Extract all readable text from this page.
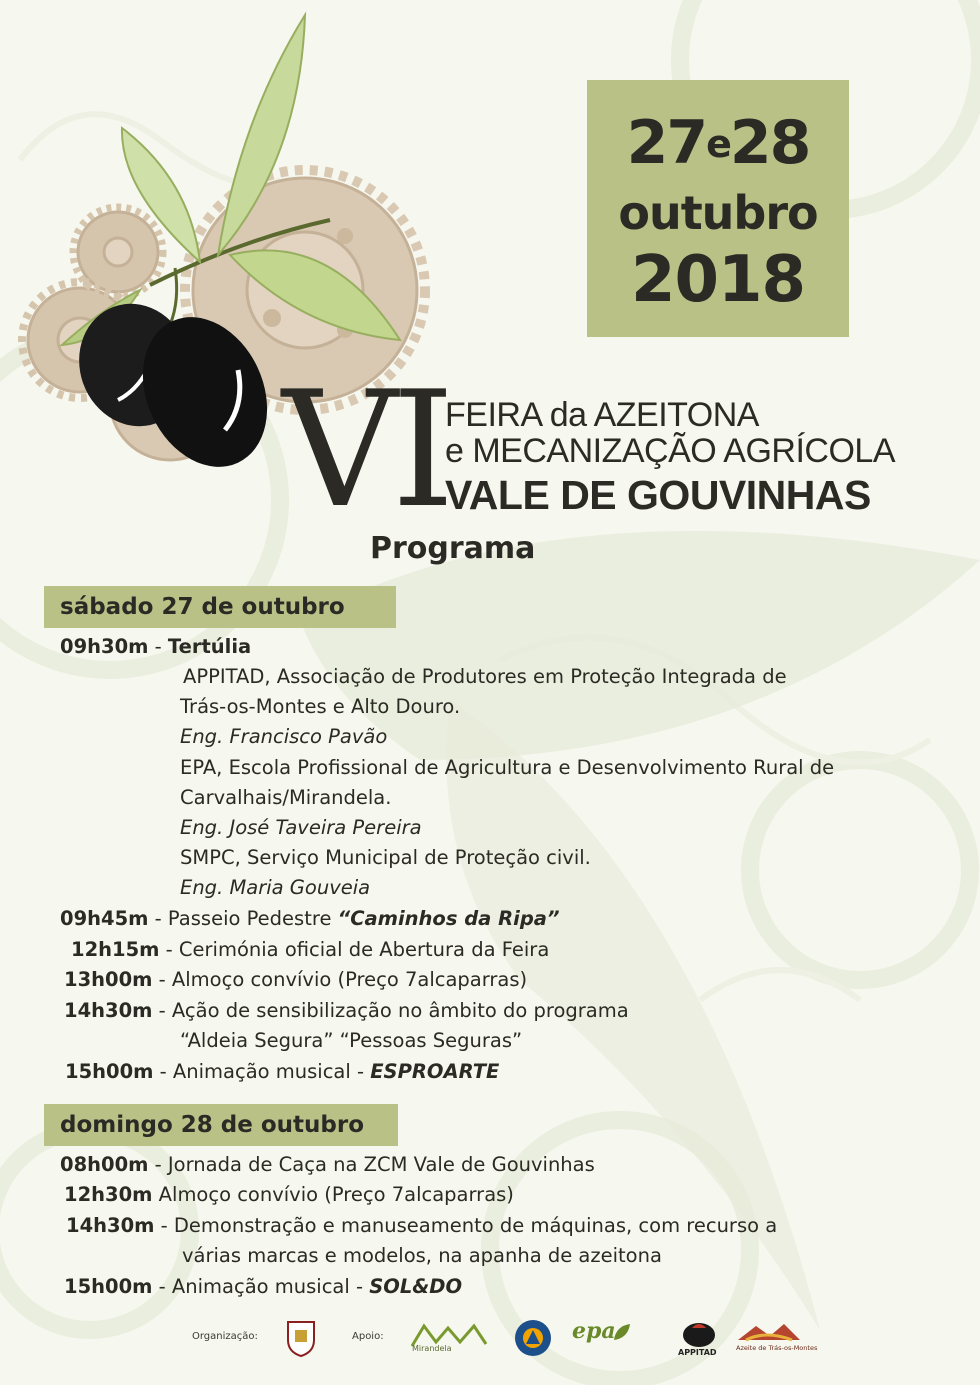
27e28
outubro
2018
VI
FEIRA da AZEITONA
e MECANIZAÇÃO AGRÍCOLA
VALE DE GOUVINHAS
Programa
sábado 27 de outubro
09h30m - Tertúlia
APPITAD, Associação de Produtores em Proteção Integrada de
Trás-os-Montes e Alto Douro.
Eng. Francisco Pavão
EPA, Escola Profissional de Agricultura e Desenvolvimento Rural de
Carvalhais/Mirandela.
Eng. José Taveira Pereira
SMPC, Serviço Municipal de Proteção civil.
Eng. Maria Gouveia
09h45m - Passeio Pedestre “Caminhos da Ripa”
12h15m - Cerimónia oficial de Abertura da Feira
13h00m - Almoço convívio (Preço 7alcaparras)
14h30m - Ação de sensibilização no âmbito do programa
“Aldeia Segura” “Pessoas Seguras”
15h00m - Animação musical - ESPROARTE
domingo 28 de outubro
08h00m - Jornada de Caça na ZCM Vale de Gouvinhas
12h30m Almoço convívio (Preço 7alcaparras)
14h30m - Demonstração e manuseamento de máquinas, com recurso a
várias marcas e modelos, na apanha de azeitona
15h00m - Animação musical - SOL&DO
Organização:	Apoio:
Mirandela
epa
APPITAD	Azeite de Trás-os-Montes
